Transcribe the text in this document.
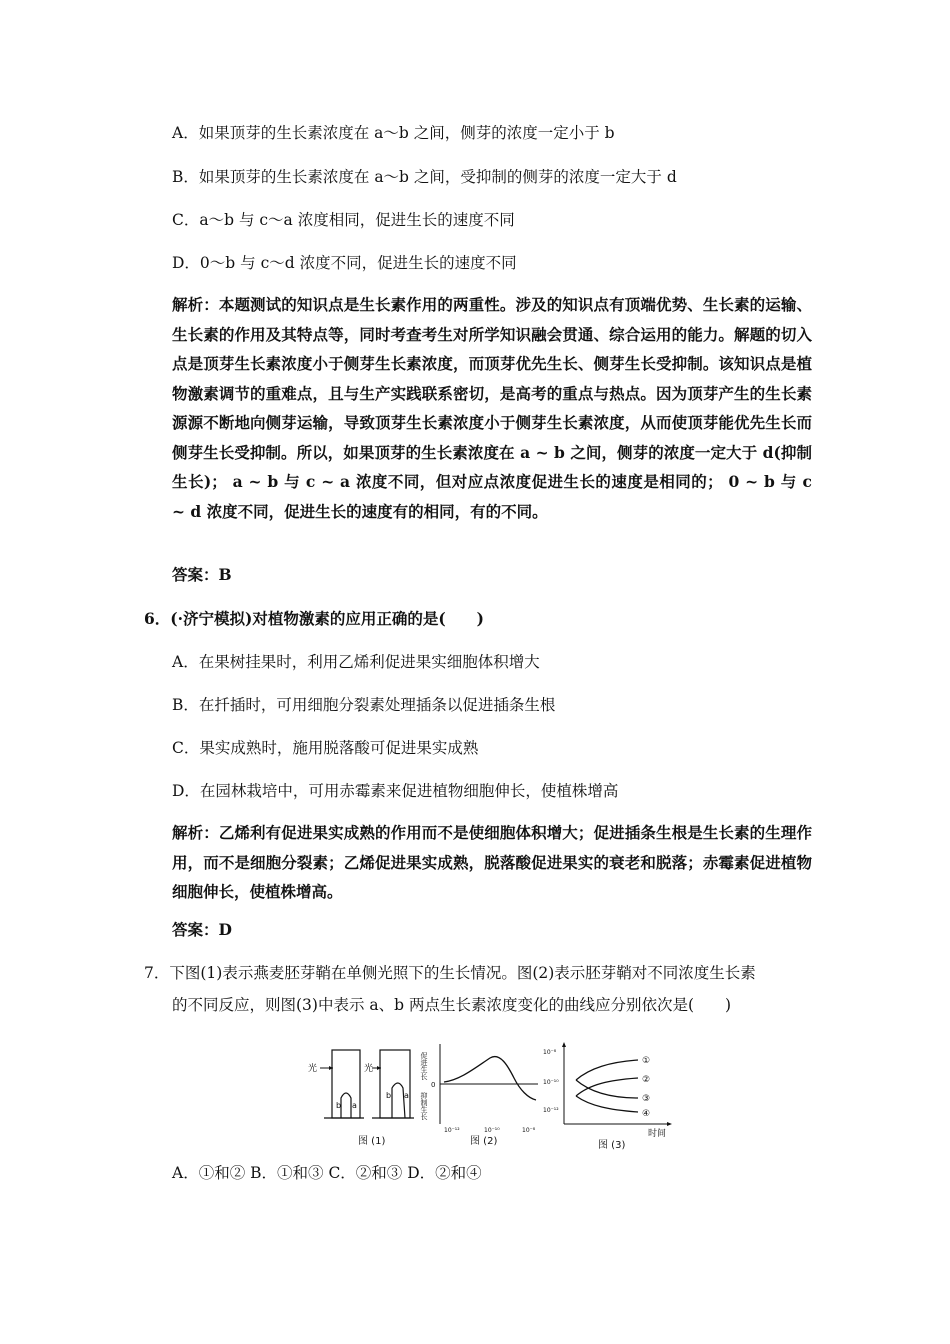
A．如果顶芽的生长素浓度在 a～b 之间，侧芽的浓度一定小于 b
B．如果顶芽的生长素浓度在 a～b 之间，受抑制的侧芽的浓度一定大于 d
C．a～b 与 c～a 浓度相同，促进生长的速度不同
D．0～b 与 c～d 浓度不同，促进生长的速度不同
解析：本题测试的知识点是生长素作用的两重性。涉及的知识点有顶端优势、生长素的运输、生长素的作用及其特点等，同时考查考生对所学知识融会贯通、综合运用的能力。解题的切入点是顶芽生长素浓度小于侧芽生长素浓度，而顶芽优先生长、侧芽生长受抑制。该知识点是植物激素调节的重难点，且与生产实践联系密切，是高考的重点与热点。因为顶芽产生的生长素源源不断地向侧芽运输，导致顶芽生长素浓度小于侧芽生长素浓度，从而使顶芽能优先生长而侧芽生长受抑制。所以，如果顶芽的生长素浓度在 a ~ b 之间，侧芽的浓度一定大于 d(抑制生长)； a ~ b 与 c ~ a 浓度不同，但对应点浓度促进生长的速度是相同的； 0 ~ b 与 c ~ d 浓度不同，促进生长的速度有的相同，有的不同。
答案：B
6．(·济宁模拟)对植物激素的应用正确的是(　　)
A．在果树挂果时，利用乙烯利促进果实细胞体积增大
B．在扦插时，可用细胞分裂素处理插条以促进插条生根
C．果实成熟时，施用脱落酸可促进果实成熟
D．在园林栽培中，可用赤霉素来促进植物细胞伸长，使植株增高
解析：乙烯利有促进果实成熟的作用而不是使细胞体积增大；促进插条生根是生长素的生理作用，而不是细胞分裂素；乙烯促进果实成熟，脱落酸促进果实的衰老和脱落；赤霉素促进植物细胞伸长，使植株增高。
答案：D
7．下图(1)表示燕麦胚芽鞘在单侧光照下的生长情况。图(2)表示胚芽鞘对不同浓度生长素
的不同反应，则图(3)中表示 a、b 两点生长素浓度变化的曲线应分别依次是(　　)
光
b a
光
b a
图 (1)
促进生长
0
抑制生长
10⁻¹²	10⁻¹⁰	10⁻⁸
图 (2)
10⁻⁸
10⁻¹⁰
10⁻¹²
①
②
③
④
时间
图 (3)
A．①和② B．①和③ C．②和③ D．②和④
